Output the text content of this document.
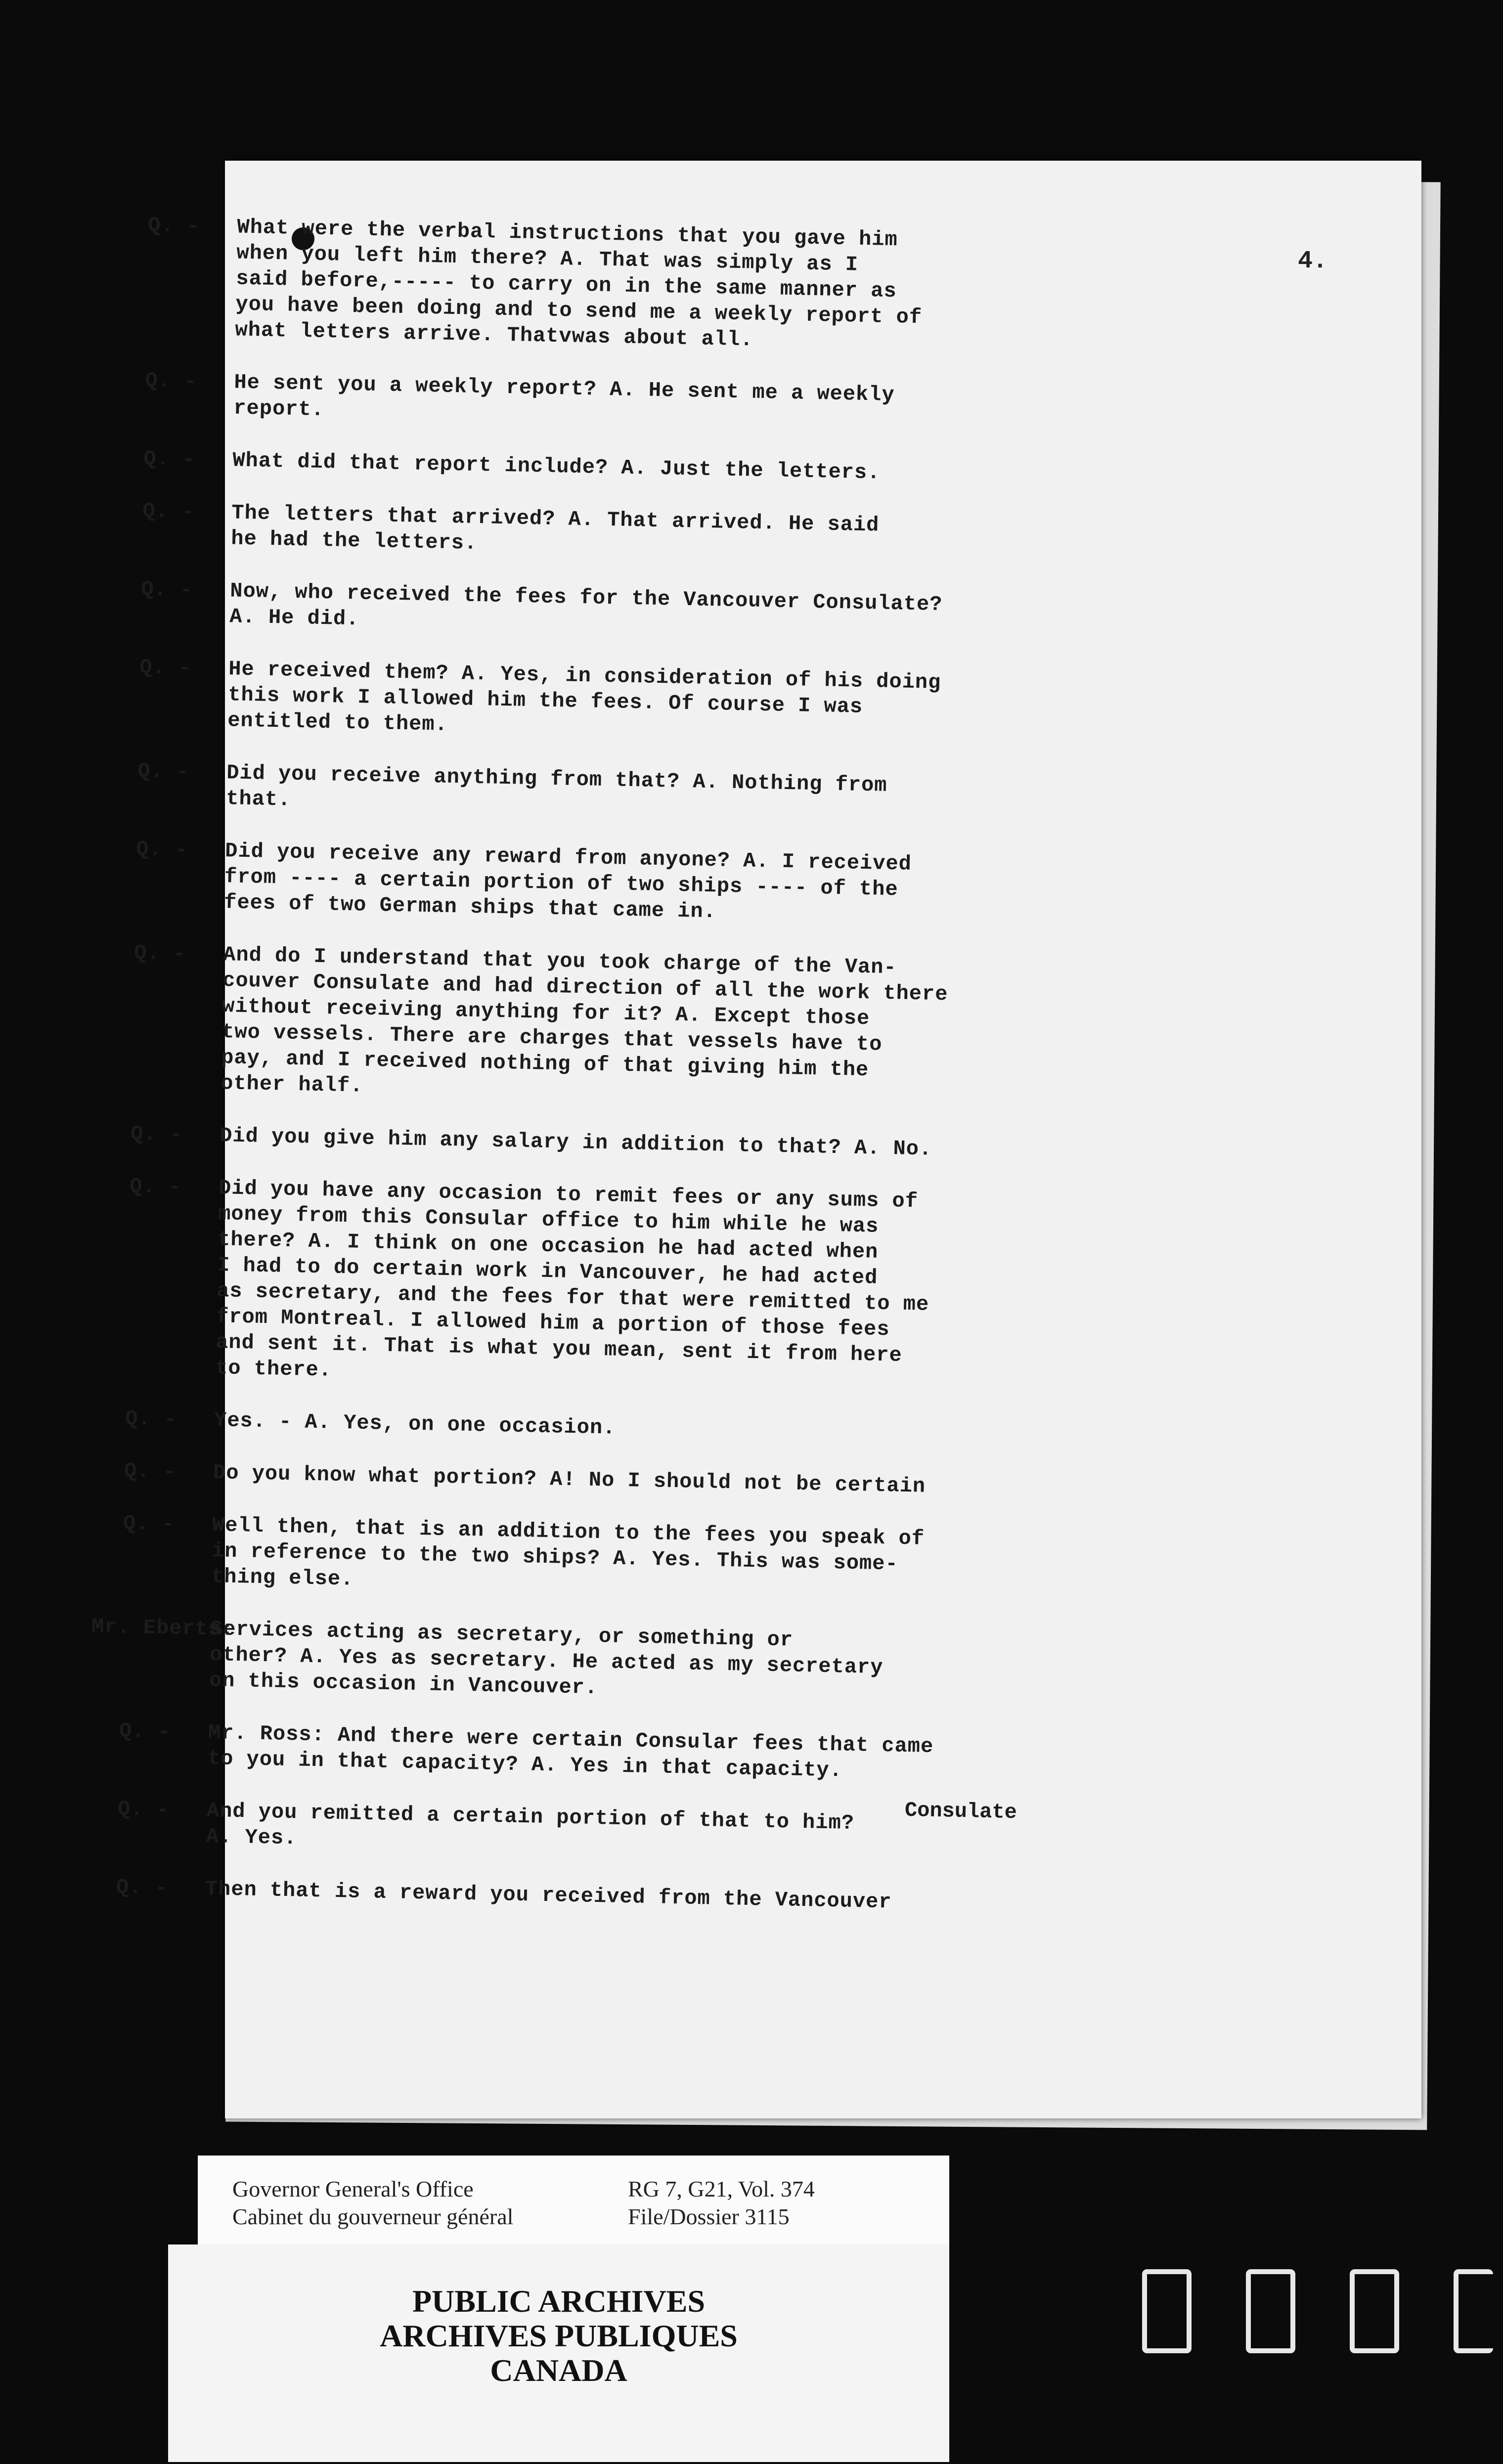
4.
Q. - What were the verbal instructions that you gave him
when you left him there? A. That was simply as I
said before,----- to carry on in the same manner as
you have been doing and to send me a weekly report of
what letters arrive. Thatvwas about all.
Q. - He sent you a weekly report? A. He sent me a weekly
report.
Q. - What did that report include? A. Just the letters.
Q. - The letters that arrived? A. That arrived. He said
he had the letters.
Q. - Now, who received the fees for the Vancouver Consulate?
A. He did.
Q. - He received them? A. Yes, in consideration of his doing
this work I allowed him the fees. Of course I was
entitled to them.
Q. - Did you receive anything from that? A. Nothing from
that.
Q. - Did you receive any reward from anyone? A. I received
from ---- a certain portion of two ships ---- of the
fees of two German ships that came in.
Q. - And do I understand that you took charge of the Van-
couver Consulate and had direction of all the work there
without receiving anything for it? A. Except those
two vessels. There are charges that vessels have to
pay, and I received nothing of that giving him the
other half.
Q. - Did you give him any salary in addition to that? A. No.
Q. - Did you have any occasion to remit fees or any sums of
money from this Consular office to him while he was
there? A. I think on one occasion he had acted when
I had to do certain work in Vancouver, he had acted
as secretary, and the fees for that were remitted to me
from Montreal. I allowed him a portion of those fees
and sent it. That is what you mean, sent it from here
to there.
Q. - Yes. - A. Yes, on one occasion.
Q. - Do you know what portion? A! No I should not be certain
Q. - Well then, that is an addition to the fees you speak of
in reference to the two ships? A. Yes. This was some-
thing else.
Mr. Eberts:
Services acting as secretary, or something or
other? A. Yes as secretary. He acted as my secretary
on this occasion in Vancouver.
Q. - Mr. Ross: And there were certain Consular fees that came
to you in that capacity? A. Yes in that capacity.
Q. - And you remitted a certain portion of that to him?
A. Yes.
Q. - Then that is a reward you received from the Vancouver
Consulate
Governor General's Office
Cabinet du gouverneur général
RG 7, G21, Vol. 374
File/Dossier 3115
PUBLIC ARCHIVES
ARCHIVES PUBLIQUES
CANADA
